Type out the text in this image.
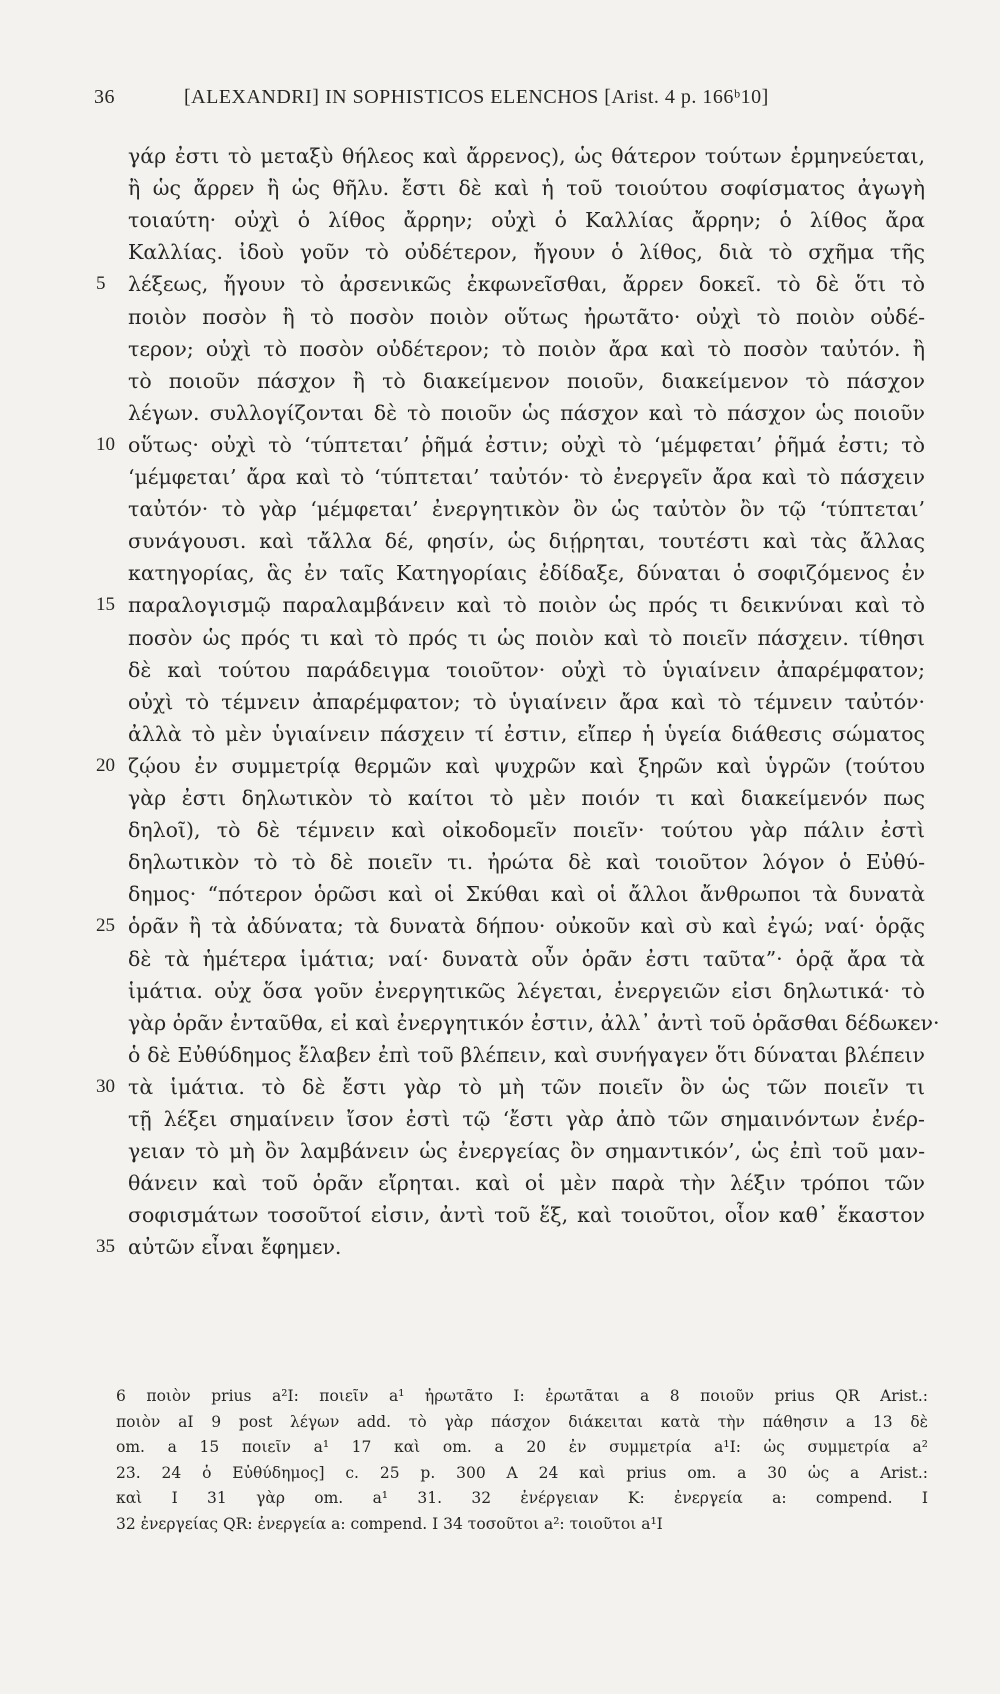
36	[ALEXANDRI] IN SOPHISTICOS ELENCHOS [Arist. 4 p. 166ᵇ10]
γάρ ἐστι τὸ μεταξὺ θήλεος καὶ ἄρρενος), ὡς θάτερον τούτων ἑρμηνεύεται,
ἢ ὡς ἄρρεν ἢ ὡς θῆλυ. ἔστι δὲ καὶ ἡ τοῦ τοιούτου σοφίσματος ἀγωγὴ
τοιαύτη· οὐχὶ ὁ λίθος ἄρρην; οὐχὶ ὁ Καλλίας ἄρρην; ὁ λίθος ἄρα
Καλλίας. ἰδοὺ γοῦν τὸ οὐδέτερον, ἤγουν ὁ λίθος, διὰ τὸ σχῆμα τῆς
5 λέξεως, ἤγουν τὸ ἀρσενικῶς ἐκφωνεῖσθαι, ἄρρεν δοκεῖ. τὸ δὲ ὅτι τὸ
ποιὸν ποσὸν ἢ τὸ ποσὸν ποιὸν οὕτως ἠρωτᾶτο· οὐχὶ τὸ ποιὸν οὐδέ-
τερον; οὐχὶ τὸ ποσὸν οὐδέτερον; τὸ ποιὸν ἄρα καὶ τὸ ποσὸν ταὐτόν. ἢ
τὸ ποιοῦν πάσχον ἢ τὸ διακείμενον ποιοῦν, διακείμενον τὸ πάσχον
λέγων. συλλογίζονται δὲ τὸ ποιοῦν ὡς πάσχον καὶ τὸ πάσχον ὡς ποιοῦν
10 οὕτως· οὐχὶ τὸ ‘τύπτεται’ ῥῆμά ἐστιν; οὐχὶ τὸ ‘μέμφεται’ ῥῆμά ἐστι; τὸ
‘μέμφεται’ ἄρα καὶ τὸ ‘τύπτεται’ ταὐτόν· τὸ ἐνεργεῖν ἄρα καὶ τὸ πάσχειν
ταὐτόν· τὸ γὰρ ‘μέμφεται’ ἐνεργητικὸν ὂν ὡς ταὐτὸν ὂν τῷ ‘τύπτεται’
συνάγουσι. καὶ τἄλλα δέ, φησίν, ὡς διῄρηται, τουτέστι καὶ τὰς ἄλλας
κατηγορίας, ἃς ἐν ταῖς Κατηγορίαις ἐδίδαξε, δύναται ὁ σοφιζόμενος ἐν
15 παραλογισμῷ παραλαμβάνειν καὶ τὸ ποιὸν ὡς πρός τι δεικνύναι καὶ τὸ
ποσὸν ὡς πρός τι καὶ τὸ πρός τι ὡς ποιὸν καὶ τὸ ποιεῖν πάσχειν. τίθησι
δὲ καὶ τούτου παράδειγμα τοιοῦτον· οὐχὶ τὸ ὑγιαίνειν ἀπαρέμφατον;
οὐχὶ τὸ τέμνειν ἀπαρέμφατον; τὸ ὑγιαίνειν ἄρα καὶ τὸ τέμνειν ταὐτόν·
ἀλλὰ τὸ μὲν ὑγιαίνειν πάσχειν τί ἐστιν, εἴπερ ἡ ὑγεία διάθεσις σώματος
20 ζῴου ἐν συμμετρίᾳ θερμῶν καὶ ψυχρῶν καὶ ξηρῶν καὶ ὑγρῶν (τούτου
γὰρ ἐστι δηλωτικὸν τὸ καίτοι τὸ μὲν ποιόν τι καὶ διακείμενόν πως
δηλοῖ), τὸ δὲ τέμνειν καὶ οἰκοδομεῖν ποιεῖν· τούτου γὰρ πάλιν ἐστὶ
δηλωτικὸν τὸ τὸ δὲ ποιεῖν τι. ἠρώτα δὲ καὶ τοιοῦτον λόγον ὁ Εὐθύ-
δημος· “πότερον ὁρῶσι καὶ οἱ Σκύθαι καὶ οἱ ἄλλοι ἄνθρωποι τὰ δυνατὰ
25 ὁρᾶν ἢ τὰ ἀδύνατα; τὰ δυνατὰ δήπου· οὐκοῦν καὶ σὺ καὶ ἐγώ; ναί· ὁρᾷς
δὲ τὰ ἡμέτερα ἱμάτια; ναί· δυνατὰ οὖν ὁρᾶν ἐστι ταῦτα”· ὁρᾷ ἄρα τὰ
ἱμάτια. οὐχ ὅσα γοῦν ἐνεργητικῶς λέγεται, ἐνεργειῶν εἰσι δηλωτικά· τὸ
γὰρ ὁρᾶν ἐνταῦθα, εἰ καὶ ἐνεργητικόν ἐστιν, ἀλλ᾿ ἀντὶ τοῦ ὁρᾶσθαι δέδωκεν·
ὁ δὲ Εὐθύδημος ἔλαβεν ἐπὶ τοῦ βλέπειν, καὶ συνήγαγεν ὅτι δύναται βλέπειν
30 τὰ ἱμάτια. τὸ δὲ ἔστι γὰρ τὸ μὴ τῶν ποιεῖν ὂν ὡς τῶν ποιεῖν τι
τῇ λέξει σημαίνειν ἴσον ἐστὶ τῷ ‘ἔστι γὰρ ἀπὸ τῶν σημαινόντων ἐνέρ-
γειαν τὸ μὴ ὂν λαμβάνειν ὡς ἐνεργείας ὂν σημαντικόν’, ὡς ἐπὶ τοῦ μαν-
θάνειν καὶ τοῦ ὁρᾶν εἴρηται. καὶ οἱ μὲν παρὰ τὴν λέξιν τρόποι τῶν
σοφισμάτων τοσοῦτοί εἰσιν, ἀντὶ τοῦ ἕξ, καὶ τοιοῦτοι, οἷον καθ᾿ ἕκαστον
35 αὐτῶν εἶναι ἔφημεν.
6 ποιὸν prius a²I: ποιεῖν a¹ ἠρωτᾶτο I: ἐρωτᾶται a 8 ποιοῦν prius QR Arist.:
ποιὸν aI 9 post λέγων add. τὸ γὰρ πάσχον διάκειται κατὰ τὴν πάθησιν a 13 δὲ
om. a 15 ποιεῖν a¹ 17 καὶ om. a 20 ἐν συμμετρία a¹I: ὡς συμμετρία a²
23. 24 ὁ Εὐθύδημος] c. 25 p. 300 A 24 καὶ prius om. a 30 ὡς a Arist.:
καὶ I 31 γὰρ om. a¹ 31. 32 ἐνέργειαν K: ἐνεργεία a: compend. I
32 ἐνεργείας QR: ἐνεργεία a: compend. I 34 τοσοῦτοι a²: τοιοῦτοι a¹I
